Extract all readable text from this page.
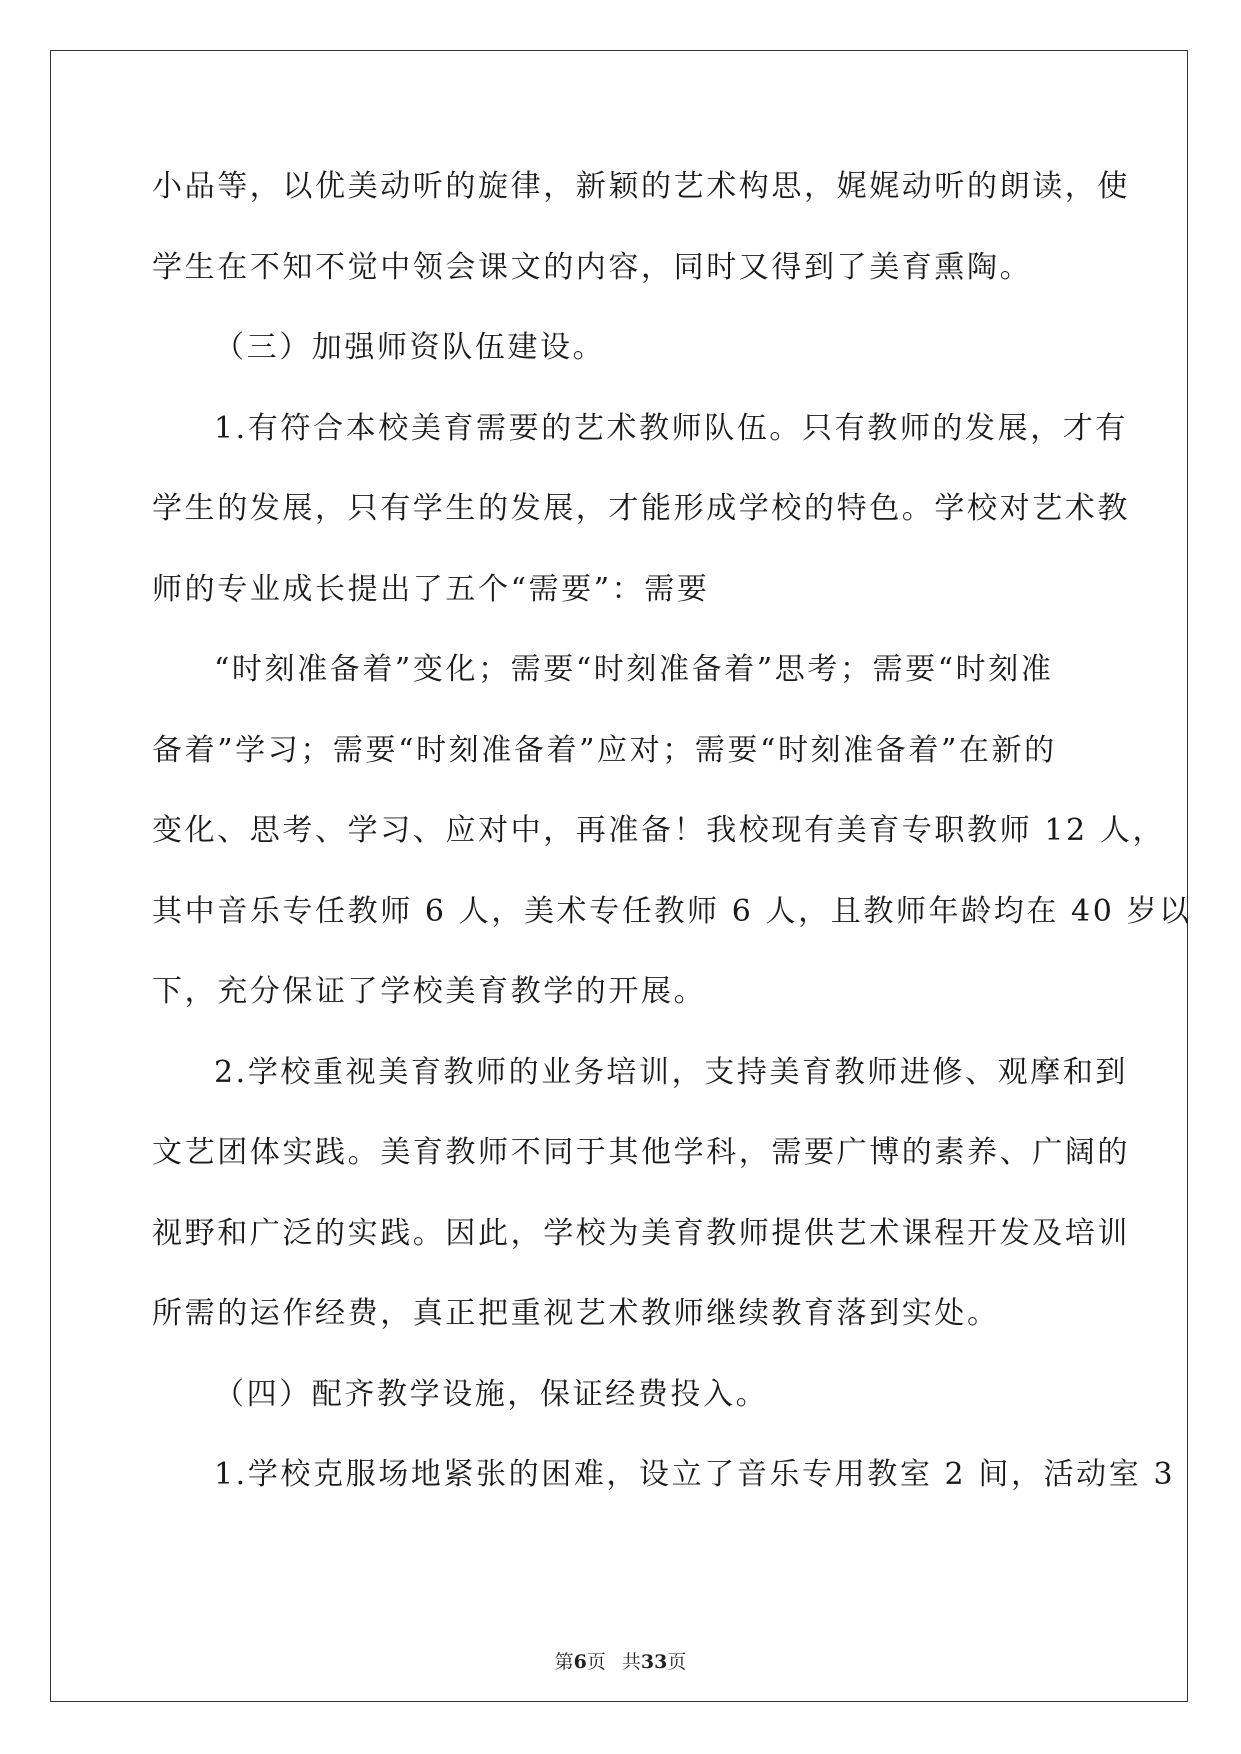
小品等，以优美动听的旋律，新颖的艺术构思，娓娓动听的朗读，使
学生在不知不觉中领会课文的内容，同时又得到了美育熏陶。
（三）加强师资队伍建设。
1.有符合本校美育需要的艺术教师队伍。只有教师的发展，才有
学生的发展，只有学生的发展，才能形成学校的特色。学校对艺术教
师的专业成长提出了五个“需要”：需要
“时刻准备着”变化；需要“时刻准备着”思考；需要“时刻准
备着”学习；需要“时刻准备着”应对；需要“时刻准备着”在新的
变化、思考、学习、应对中，再准备！我校现有美育专职教师 12 人，
其中音乐专任教师 6 人，美术专任教师 6 人，且教师年龄均在 40 岁以
下，充分保证了学校美育教学的开展。
2.学校重视美育教师的业务培训，支持美育教师进修、观摩和到
文艺团体实践。美育教师不同于其他学科，需要广博的素养、广阔的
视野和广泛的实践。因此，学校为美育教师提供艺术课程开发及培训
所需的运作经费，真正把重视艺术教师继续教育落到实处。
（四）配齐教学设施，保证经费投入。
1.学校克服场地紧张的困难，设立了音乐专用教室 2 间，活动室 3
第6页 共33页
